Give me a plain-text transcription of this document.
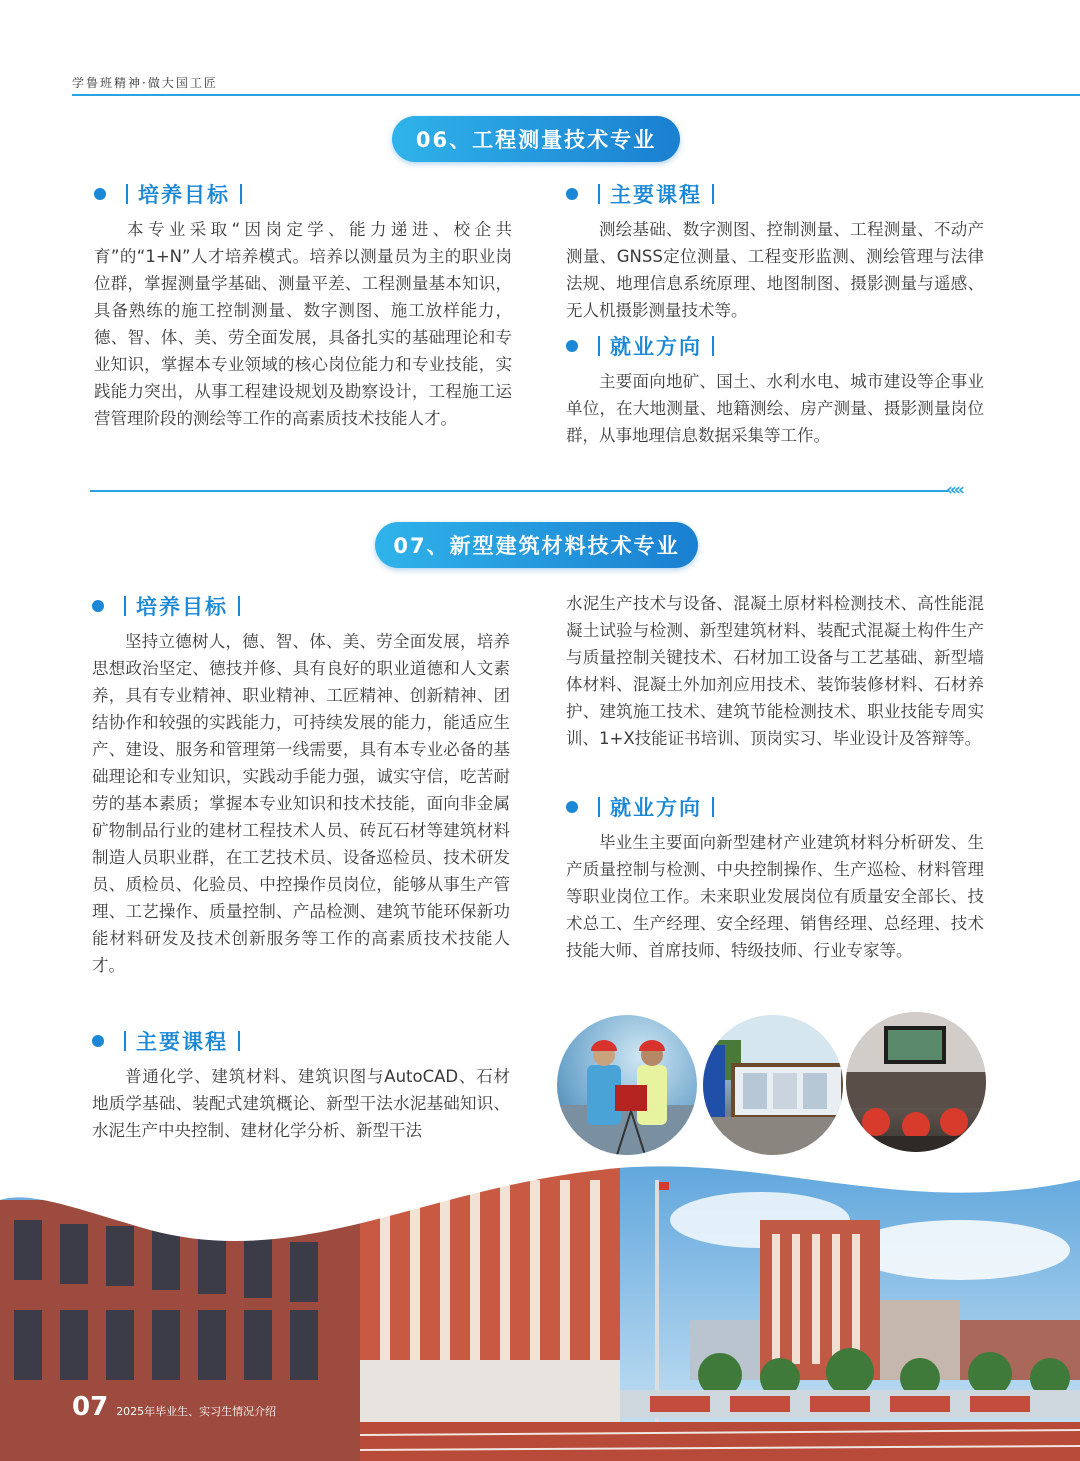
学鲁班精神·做大国工匠
06、工程测量技术专业
培养目标

本专业采取“因岗定学、能力递进、校企共育”的“1+N”人才培养模式。培养以测量员为主的职业岗位群，掌握测量学基础、测量平差、工程测量基本知识，具备熟练的施工控制测量、数字测图、施工放样能力，德、智、体、美、劳全面发展，具备扎实的基础理论和专业知识，掌握本专业领域的核心岗位能力和专业技能，实践能力突出，从事工程建设规划及勘察设计，工程施工运营管理阶段的测绘等工作的高素质技术技能人才。

主要课程

测绘基础、数字测图、控制测量、工程测量、不动产测量、GNSS定位测量、工程变形监测、测绘管理与法律法规、地理信息系统原理、地图制图、摄影测量与遥感、无人机摄影测量技术等。

就业方向

主要面向地矿、国土、水利水电、城市建设等企事业单位，在大地测量、地籍测绘、房产测量、摄影测量岗位群，从事地理信息数据采集等工作。

‹‹‹‹
07、新型建筑材料技术专业
培养目标

坚持立德树人，德、智、体、美、劳全面发展，培养思想政治坚定、德技并修、具有良好的职业道德和人文素养，具有专业精神、职业精神、工匠精神、创新精神、团结协作和较强的实践能力，可持续发展的能力，能适应生产、建设、服务和管理第一线需要，具有本专业必备的基础理论和专业知识，实践动手能力强，诚实守信，吃苦耐劳的基本素质；掌握本专业知识和技术技能，面向非金属矿物制品行业的建材工程技术人员、砖瓦石材等建筑材料制造人员职业群，在工艺技术员、设备巡检员、技术研发员、质检员、化验员、中控操作员岗位，能够从事生产管理、工艺操作、质量控制、产品检测、建筑节能环保新功能材料研发及技术创新服务等工作的高素质技术技能人才。

主要课程

普通化学、建筑材料、建筑识图与AutoCAD、石材地质学基础、装配式建筑概论、新型干法水泥基础知识、水泥生产中央控制、建材化学分析、新型干法

水泥生产技术与设备、混凝土原材料检测技术、高性能混凝土试验与检测、新型建筑材料、装配式混凝土构件生产与质量控制关键技术、石材加工设备与工艺基础、新型墙体材料、混凝土外加剂应用技术、装饰装修材料、石材养护、建筑施工技术、建筑节能检测技术、职业技能专周实训、1+X技能证书培训、顶岗实习、毕业设计及答辩等。

就业方向

毕业生主要面向新型建材产业建筑材料分析研发、生产质量控制与检测、中央控制操作、生产巡检、材料管理等职业岗位工作。未来职业发展岗位有质量安全部长、技术总工、生产经理、安全经理、销售经理、总经理、技术技能大师、首席技师、特级技师、行业专家等。

07 2025年毕业生、实习生情况介绍
